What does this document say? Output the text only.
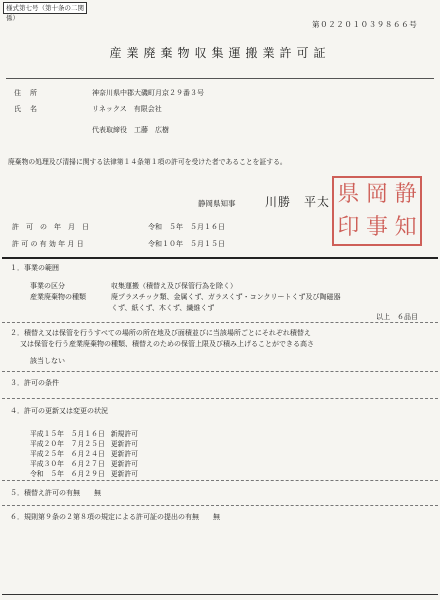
様式第七号（第十条の二関係）
第０２２０１０３９８６６号
産業廃棄物収集運搬業許可証
住　所	神奈川県中郡大磯町月京２９番３号
氏　名	リネックス　有限会社
代表取締役　工藤　広樹
廃棄物の処理及び清掃に関する法律第１４条第１項の許可を受けた者であることを証する。
静岡県知事 川勝　平太 県 岡 静
印 事 知
許　可　の　年　月　日	令和　５年　５月１６日
許 可 の 有 効 年 月 日	令和１０年　５月１５日
１．事業の範囲
事業の区分	収集運搬（積替え及び保管行為を除く）
産業廃棄物の種類	廃プラスチック類、金属くず、ガラスくず・コンクリートくず及び陶磁器
くず、紙くず、木くず、繊維くず
以上　６品目
２．積替え又は保管を行うすべての場所の所在地及び面積並びに当該場所ごとにそれぞれ積替え
又は保管を行う産業廃棄物の種類、積替えのための保管上限及び積み上げることができる高さ
該当しない
３．許可の条件
４．許可の更新又は変更の状況
平成１５年　５月１６日	新規許可
平成２０年　７月２５日	更新許可
平成２５年　６月２４日	更新許可
平成３０年　６月２７日	更新許可
令和　５年　６月２９日	更新許可
５．積替え許可の有無　　無
６．規則第９条の２第８項の規定による許可証の提出の有無　　無
